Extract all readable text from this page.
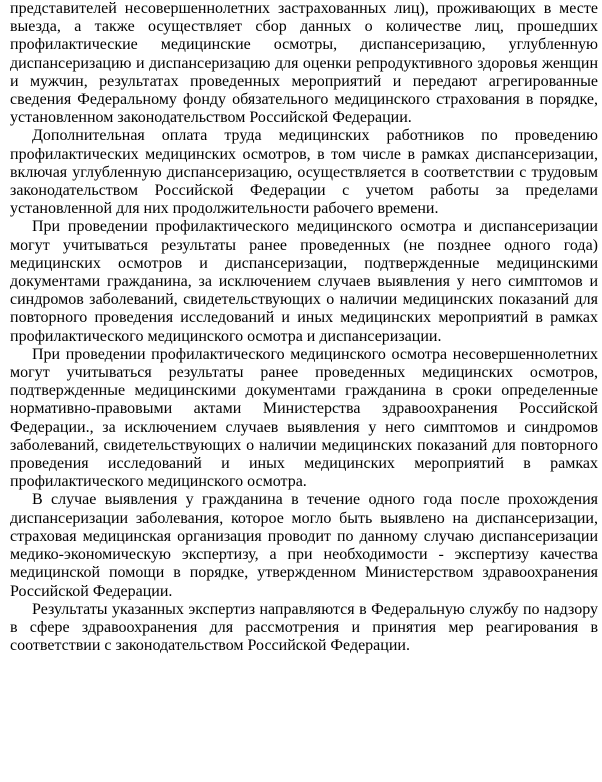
представителей несовершеннолетних застрахованных лиц), проживающих в месте выезда, а также осуществляет сбор данных о количестве лиц, прошедших профилактические медицинские осмотры, диспансеризацию, углубленную диспансеризацию и диспансеризацию для оценки репродуктивного здоровья женщин и мужчин, результатах проведенных мероприятий и передают агрегированные сведения Федеральному фонду обязательного медицинского страхования в порядке, установленном законодательством Российской Федерации.

Дополнительная оплата труда медицинских работников по проведению профилактических медицинских осмотров, в том числе в рамках диспансеризации, включая углубленную диспансеризацию, осуществляется в соответствии с трудовым законодательством Российской Федерации с учетом работы за пределами установленной для них продолжительности рабочего времени.

При проведении профилактического медицинского осмотра и диспансеризации могут учитываться результаты ранее проведенных (не позднее одного года) медицинских осмотров и диспансеризации, подтвержденные медицинскими документами гражданина, за исключением случаев выявления у него симптомов и синдромов заболеваний, свидетельствующих о наличии медицинских показаний для повторного проведения исследований и иных медицинских мероприятий в рамках профилактического медицинского осмотра и диспансеризации.

При проведении профилактического медицинского осмотра несовершеннолетних могут учитываться результаты ранее проведенных медицинских осмотров, подтвержденные медицинскими документами гражданина в сроки определенные нормативно-правовыми актами Министерства здравоохранения Российской Федерации., за исключением случаев выявления у него симптомов и синдромов заболеваний, свидетельствующих о наличии медицинских показаний для повторного проведения исследований и иных медицинских мероприятий в рамках профилактического медицинского осмотра.

В случае выявления у гражданина в течение одного года после прохождения диспансеризации заболевания, которое могло быть выявлено на диспансеризации, страховая медицинская организация проводит по данному случаю диспансеризации медико-экономическую экспертизу, а при необходимости - экспертизу качества медицинской помощи в порядке, утвержденном Министерством здравоохранения Российской Федерации.

Результаты указанных экспертиз направляются в Федеральную службу по надзору в сфере здравоохранения для рассмотрения и принятия мер реагирования в соответствии с законодательством Российской Федерации.
